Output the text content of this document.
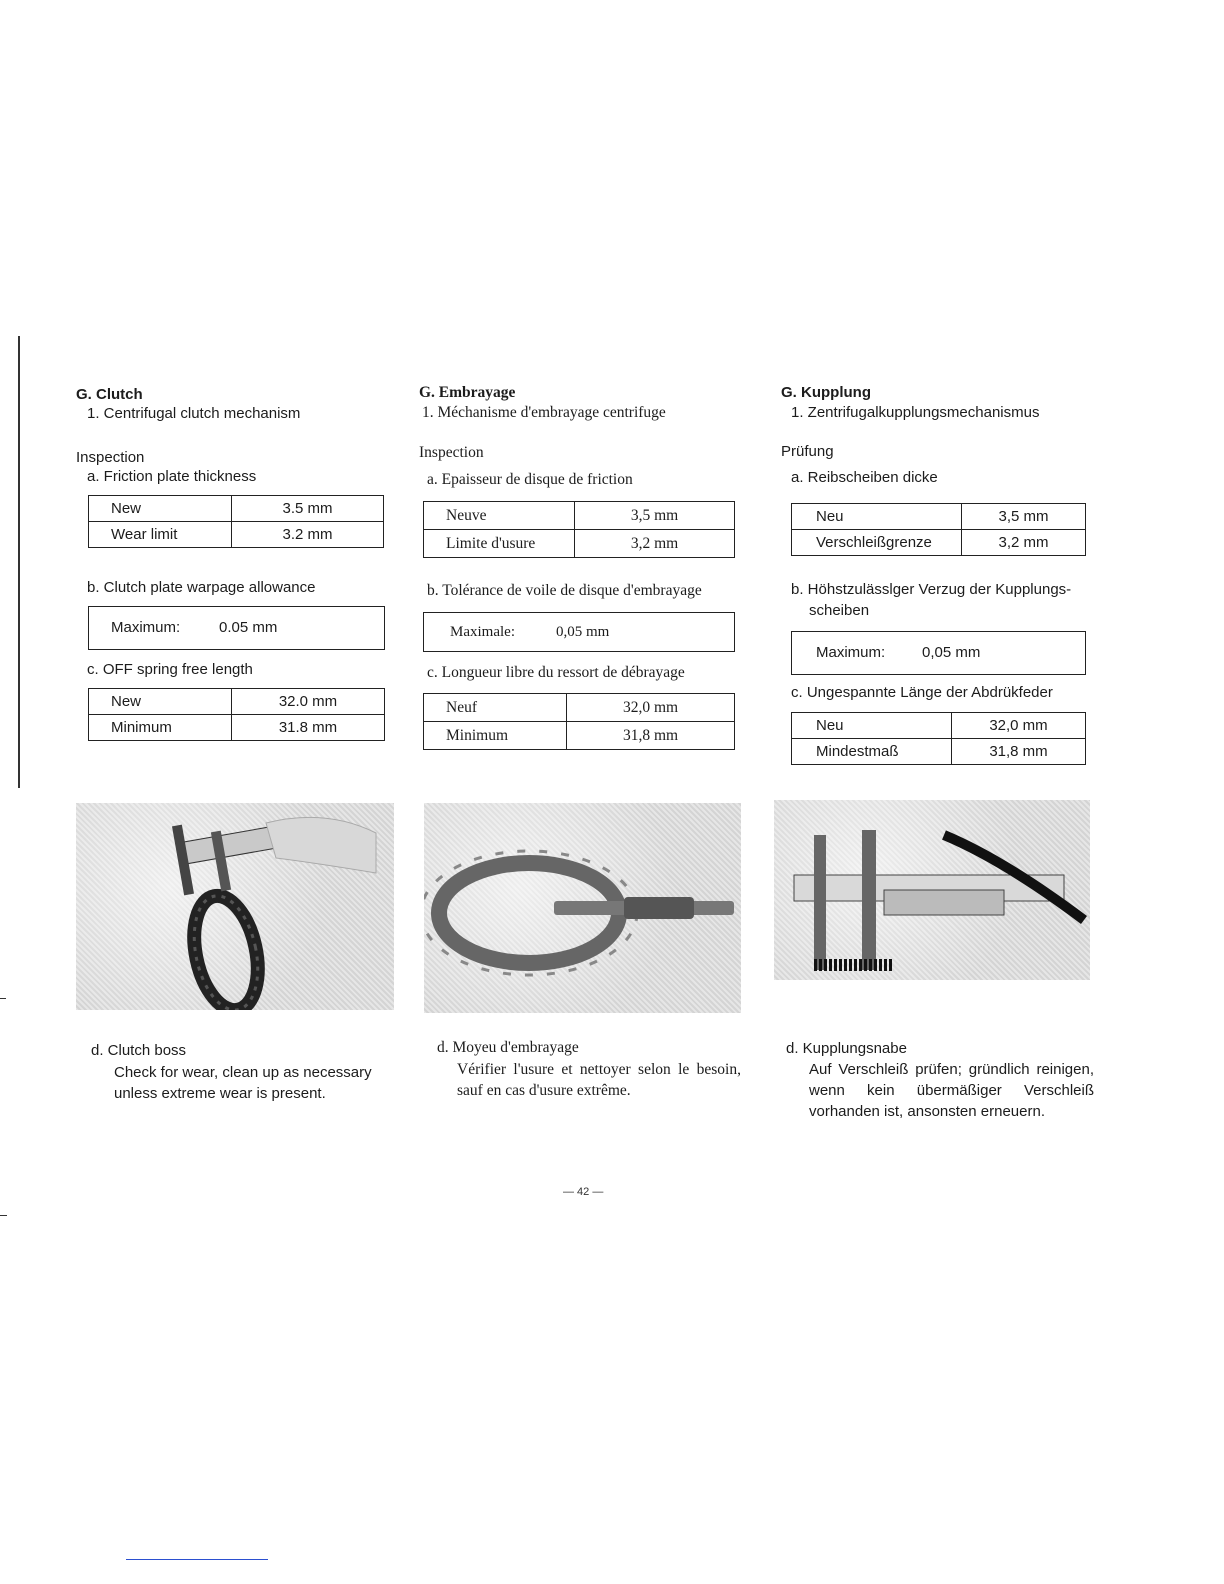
G. Clutch
1. Centrifugal clutch mechanism
Inspection
a. Friction plate thickness
New	3.5 mm
Wear limit	3.2 mm
b. Clutch plate warpage allowance
Maximum:	0.05 mm
c. OFF spring free length
New	32.0 mm
Minimum	31.8 mm
d. Clutch boss
Check for wear, clean up as necessary unless extreme wear is present.
G. Embrayage
1. Méchanisme d'embrayage centrifuge
Inspection
a. Epaisseur de disque de friction
Neuve	3,5 mm
Limite d'usure	3,2 mm
b. Tolérance de voile de disque d'embrayage
Maximale:	0,05 mm
c. Longueur libre du ressort de débrayage
Neuf	32,0 mm
Minimum	31,8 mm
d. Moyeu d'embrayage
Vérifier l'usure et nettoyer selon le besoin, sauf en cas d'usure extrême.
G. Kupplung
1. Zentrifugalkupplungsmechanismus
Prüfung
a. Reibscheiben dicke
Neu	3,5 mm
Verschleißgrenze	3,2 mm
b. Höhstzulässlger Verzug der Kupplungs-
scheiben
Maximum: 0,05 mm
c. Ungespannte Länge der Abdrükfeder
Neu	32,0 mm
Mindestmaß	31,8 mm
d. Kupplungsnabe
Auf Verschleiß prüfen; gründlich reinigen, wenn kein übermäßiger Verschleiß vorhanden ist, ansonsten erneuern.
— 42 —
